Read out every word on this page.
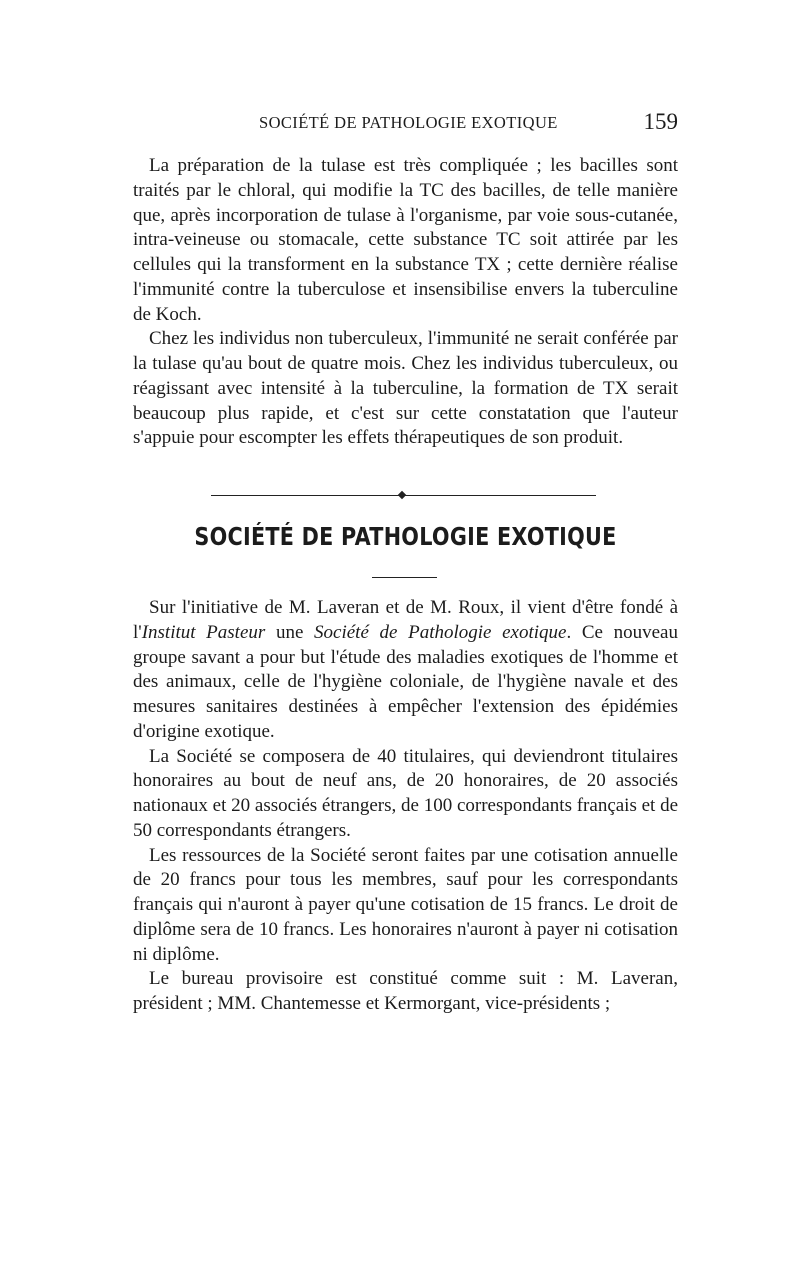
SOCIÉTÉ DE PATHOLOGIE EXOTIQUE	159

La préparation de la tulase est très compliquée ; les bacilles sont traités par le chloral, qui modifie la TC des bacilles, de telle manière que, après incorporation de tulase à l'organisme, par voie sous-cutanée, intra-veineuse ou stomacale, cette substance TC soit attirée par les cellules qui la transforment en la substance TX ; cette dernière réalise l'immunité contre la tuberculose et insensibilise envers la tuberculine de Koch.

Chez les individus non tuberculeux, l'immunité ne serait conférée par la tulase qu'au bout de quatre mois. Chez les individus tuberculeux, ou réagissant avec intensité à la tuberculine, la formation de TX serait beaucoup plus rapide, et c'est sur cette constatation que l'auteur s'appuie pour escompter les effets thérapeutiques de son produit.

SOCIÉTÉ DE PATHOLOGIE EXOTIQUE

Sur l'initiative de M. Laveran et de M. Roux, il vient d'être fondé à l'Institut Pasteur une Société de Pathologie exotique. Ce nouveau groupe savant a pour but l'étude des maladies exotiques de l'homme et des animaux, celle de l'hygiène coloniale, de l'hygiène navale et des mesures sanitaires destinées à empêcher l'extension des épidémies d'origine exotique.

La Société se composera de 40 titulaires, qui deviendront titulaires honoraires au bout de neuf ans, de 20 honoraires, de 20 associés nationaux et 20 associés étrangers, de 100 correspondants français et de 50 correspondants étrangers.

Les ressources de la Société seront faites par une cotisation annuelle de 20 francs pour tous les membres, sauf pour les correspondants français qui n'auront à payer qu'une cotisation de 15 francs. Le droit de diplôme sera de 10 francs. Les honoraires n'auront à payer ni cotisation ni diplôme.

Le bureau provisoire est constitué comme suit : M. Laveran, président ; MM. Chantemesse et Kermorgant, vice-présidents ;
